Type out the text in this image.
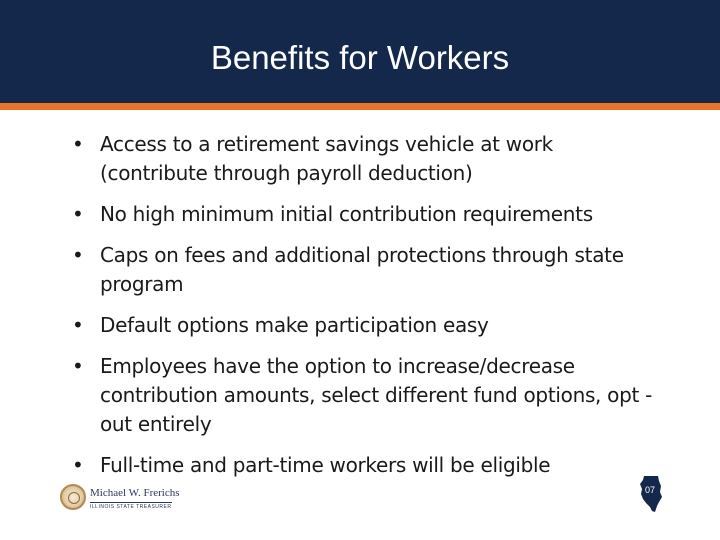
Benefits for Workers
• Access to a retirement savings vehicle at work (contribute through payroll deduction)
• No high minimum initial contribution requirements
• Caps on fees and additional protections through state program
• Default options make participation easy
• Employees have the option to increase/decrease contribution amounts, select different fund options, opt -out entirely
• Full-time and part-time workers will be eligible
Michael W. Frerichs
ILLINOIS STATE TREASURER
07
